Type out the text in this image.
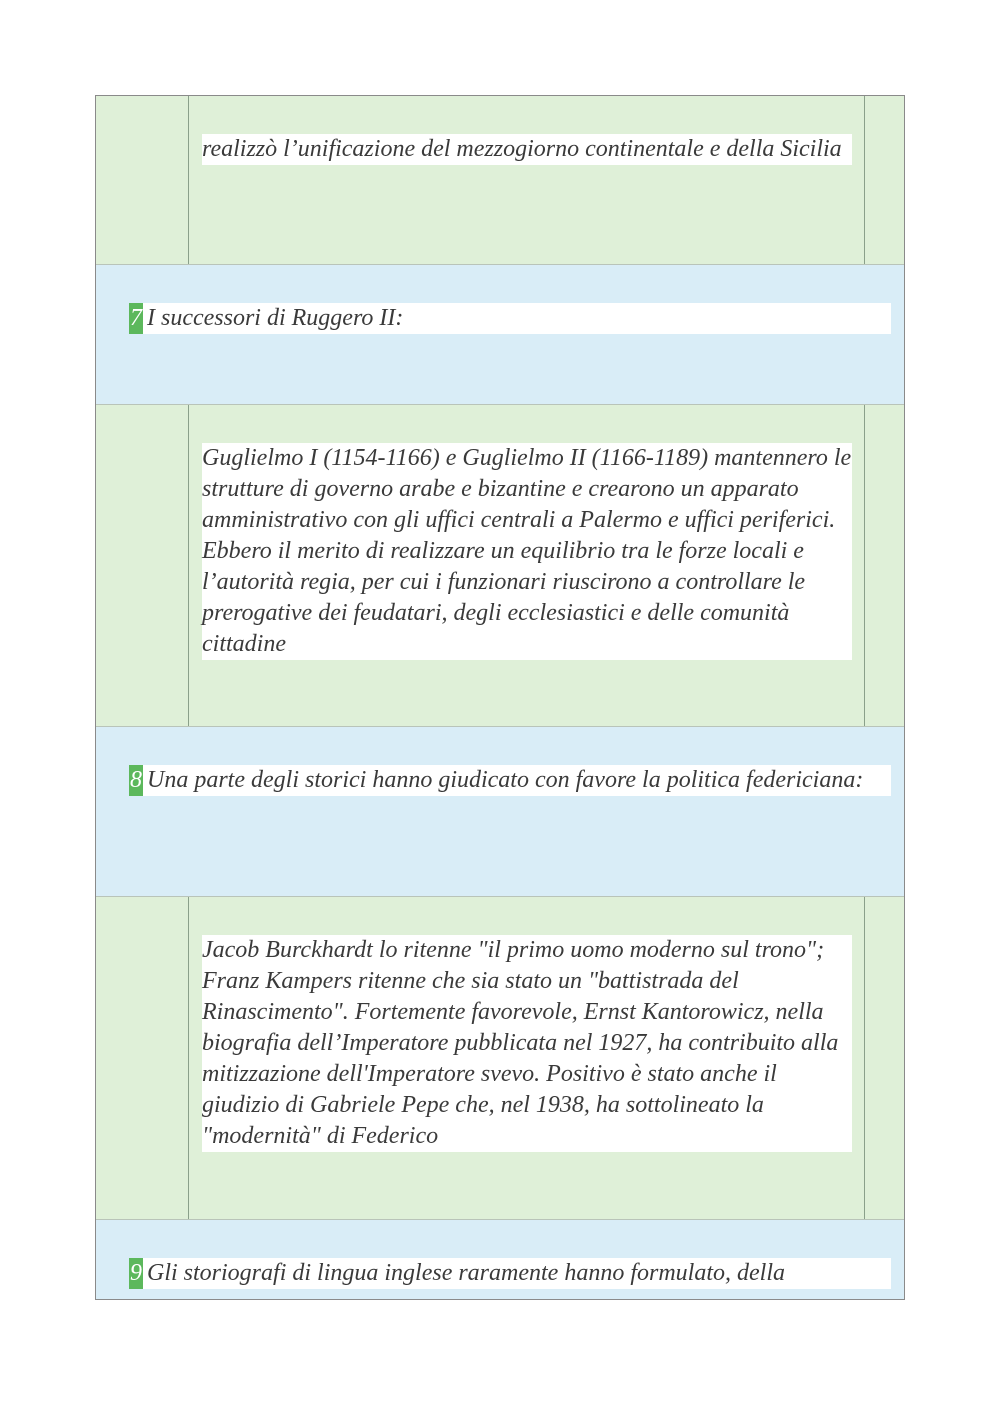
realizzò l’unificazione del mezzogiorno continentale e della Sicilia
7 I successori di Ruggero II:
Guglielmo I (1154-1166) e Guglielmo II (1166-1189) mantennero le strutture di governo arabe e bizantine e crearono un apparato amministrativo con gli uffici centrali a Palermo e uffici periferici. Ebbero il merito di realizzare un equilibrio tra le forze locali e l’autorità regia, per cui i funzionari riuscirono a controllare le prerogative dei feudatari, degli ecclesiastici e delle comunità cittadine
8 Una parte degli storici hanno giudicato con favore la politica federiciana:
Jacob Burckhardt lo ritenne "il primo uomo moderno sul trono"; Franz Kampers ritenne che sia stato un "battistrada del Rinascimento". Fortemente favorevole, Ernst Kantorowicz, nella biografia dell’Imperatore pubblicata nel 1927, ha contribuito alla mitizzazione dell'Imperatore svevo. Positivo è stato anche il giudizio di Gabriele Pepe che, nel 1938, ha sottolineato la "modernità" di Federico
9 Gli storiografi di lingua inglese raramente hanno formulato, della
